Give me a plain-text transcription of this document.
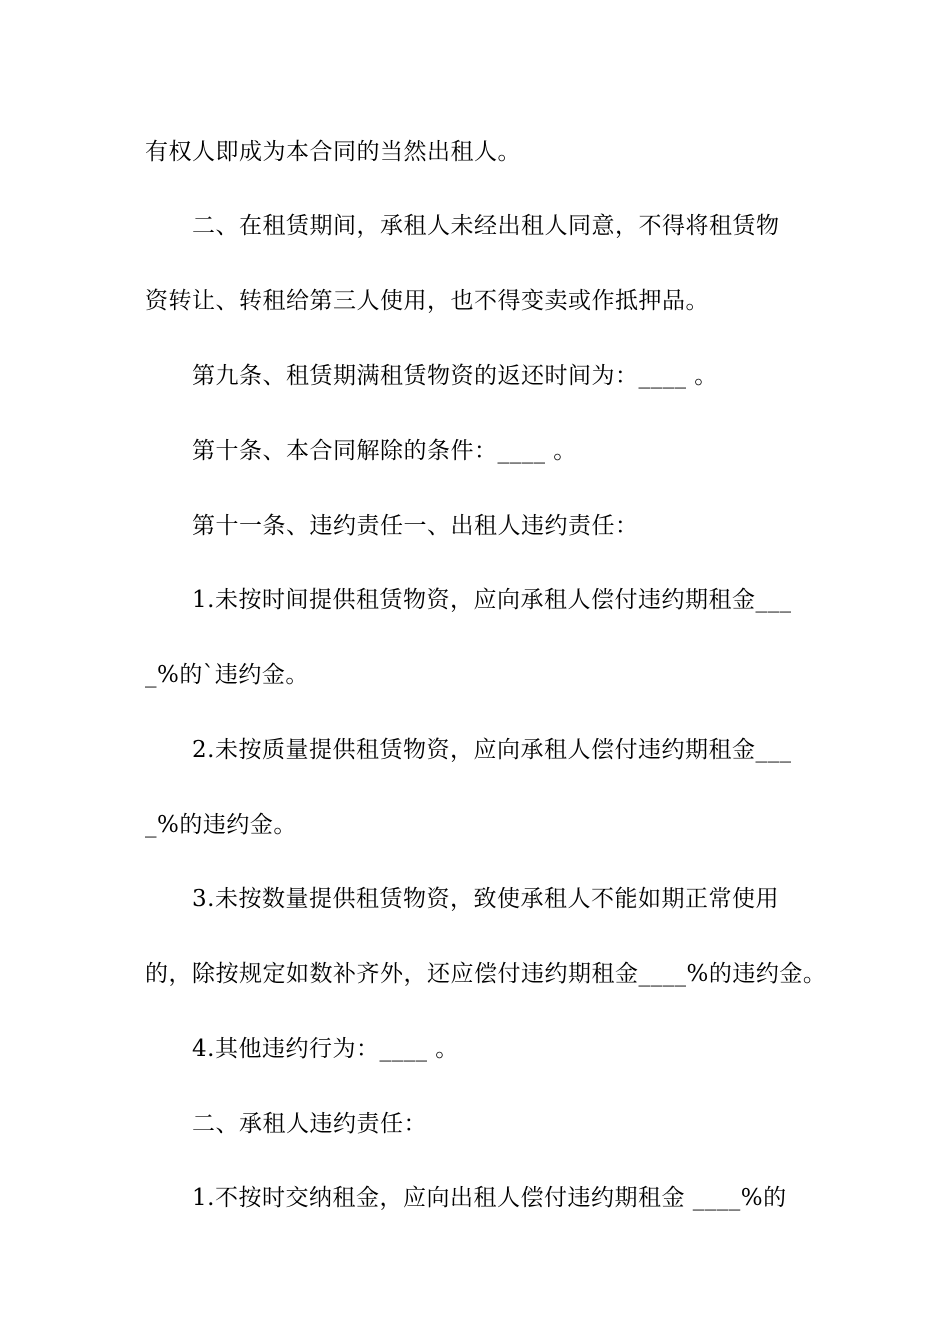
有权人即成为本合同的当然出租人。
二、在租赁期间，承租人未经出租人同意，不得将租赁物
资转让、转租给第三人使用，也不得变卖或作抵押品。
第九条、租赁期满租赁物资的返还时间为：____ 。
第十条、本合同解除的条件：____ 。
第十一条、违约责任一、出租人违约责任：
1.未按时间提供租赁物资，应向承租人偿付违约期租金___
_%的`违约金。
2.未按质量提供租赁物资，应向承租人偿付违约期租金___
_%的违约金。
3.未按数量提供租赁物资，致使承租人不能如期正常使用
的，除按规定如数补齐外，还应偿付违约期租金____%的违约金。
4.其他违约行为：____ 。
二、承租人违约责任：
1.不按时交纳租金，应向出租人偿付违约期租金 ____%的
